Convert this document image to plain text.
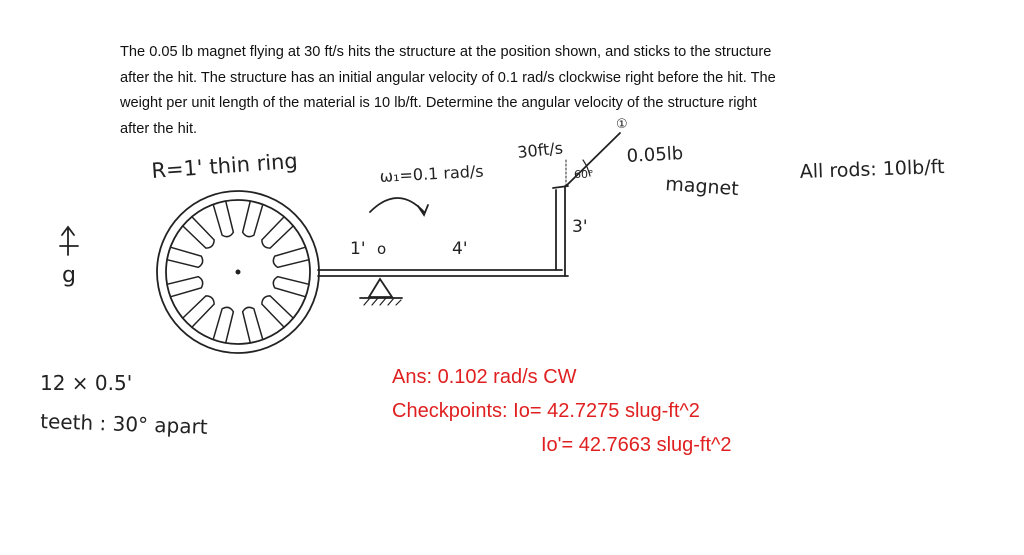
The 0.05 lb magnet flying at 30 ft/s hits the structure at the position shown, and sticks to the structure
after the hit. The structure has an initial angular velocity of 0.1 rad/s clockwise right before the hit. The
weight per unit length of the material is 10 lb/ft. Determine the angular velocity of the structure right
after the hit.
R=1' thin ring	ω₁=0.1 rad/s
30ft/s
60°
①
0.05lb
magnet
All rods: 10lb/ft
3'
1' o	4'
g
12 × 0.5'
teeth : 30° apart
Ans: 0.102 rad/s CW
Checkpoints: Io= 42.7275 slug-ft^2
Io'= 42.7663 slug-ft^2
